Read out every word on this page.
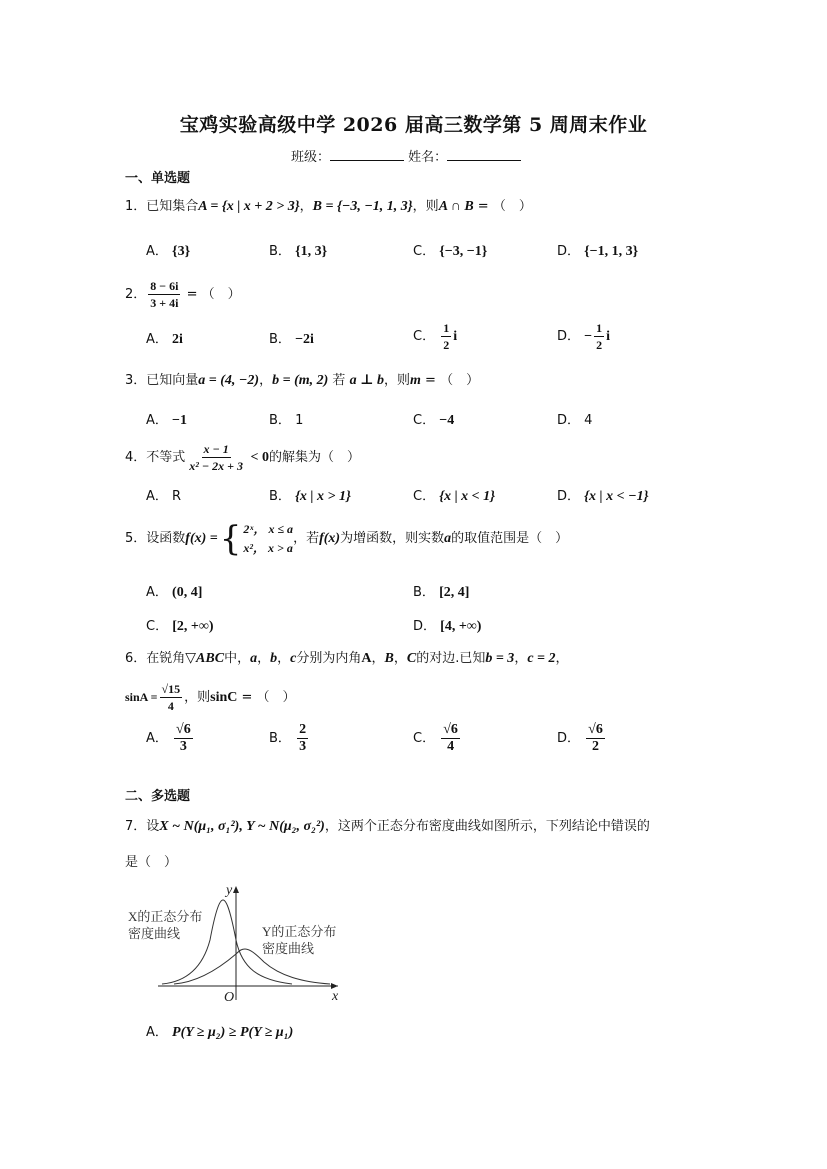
宝鸡实验高级中学 2026 届高三数学第 5 周周末作业
班级：	姓名：
一、单选题
1．已知集合A = {x | x + 2 > 3}，B = {−3, −1, 1, 3}，则A ∩ B = （　）
A． {3}	B． {1, 3}	C． {−3, −1}	D． {−1, 1, 3}
2． $\frac{8 - 6i}{3 + 4i}$ = （　）
A． 2i	B． −2i	C． $\frac{1}{2}$ i	D． − $\frac{1}{2}$ i
3．已知向量a = (4, −2)，b = (m, 2) 若 a ⊥ b，则m = （　）
A． −1	B． 1	C． −4	D． 4
4．不等式 $\frac{x - 1}{\text{x² − 2x + 3}} < 0$的解集为（　）
A． R	B． {x | x > 1}	C． {x | x < 1}	D． {x | x < −1}
5．设函数 f(x) = { 2ˣ， x ≤ a
x²， x > a
，若 f(x) 为增函数，则实数 a 的取值范围是（　）
A． (0, 4]	B． [2, 4]
C． [2, +∞)	D． [4, +∞)
6．在锐角▽ABC中，a，b，c分别为内角A，B，C的对边.已知b = 3，c = 2，
$\sin A = \frac{√15}{4}$ ，则sinC = （　）
A． $\frac{√6}{3}$	B． $\frac{2}{3}$	C． $\frac{√6}{4}$	D． $\frac{√6}{2}$
二、多选题
7．设X ~ N(μ₁, σ₁²), Y ~ N(μ₂, σ₂²)，这两个正态分布密度曲线如图所示，下列结论中错误的
是（　）
X的正态分布
密度曲线	Y的正态分布
密度曲线
x
y
O
A． P(Y ≥ μ₂) ≥ P(Y ≥ μ₁)
